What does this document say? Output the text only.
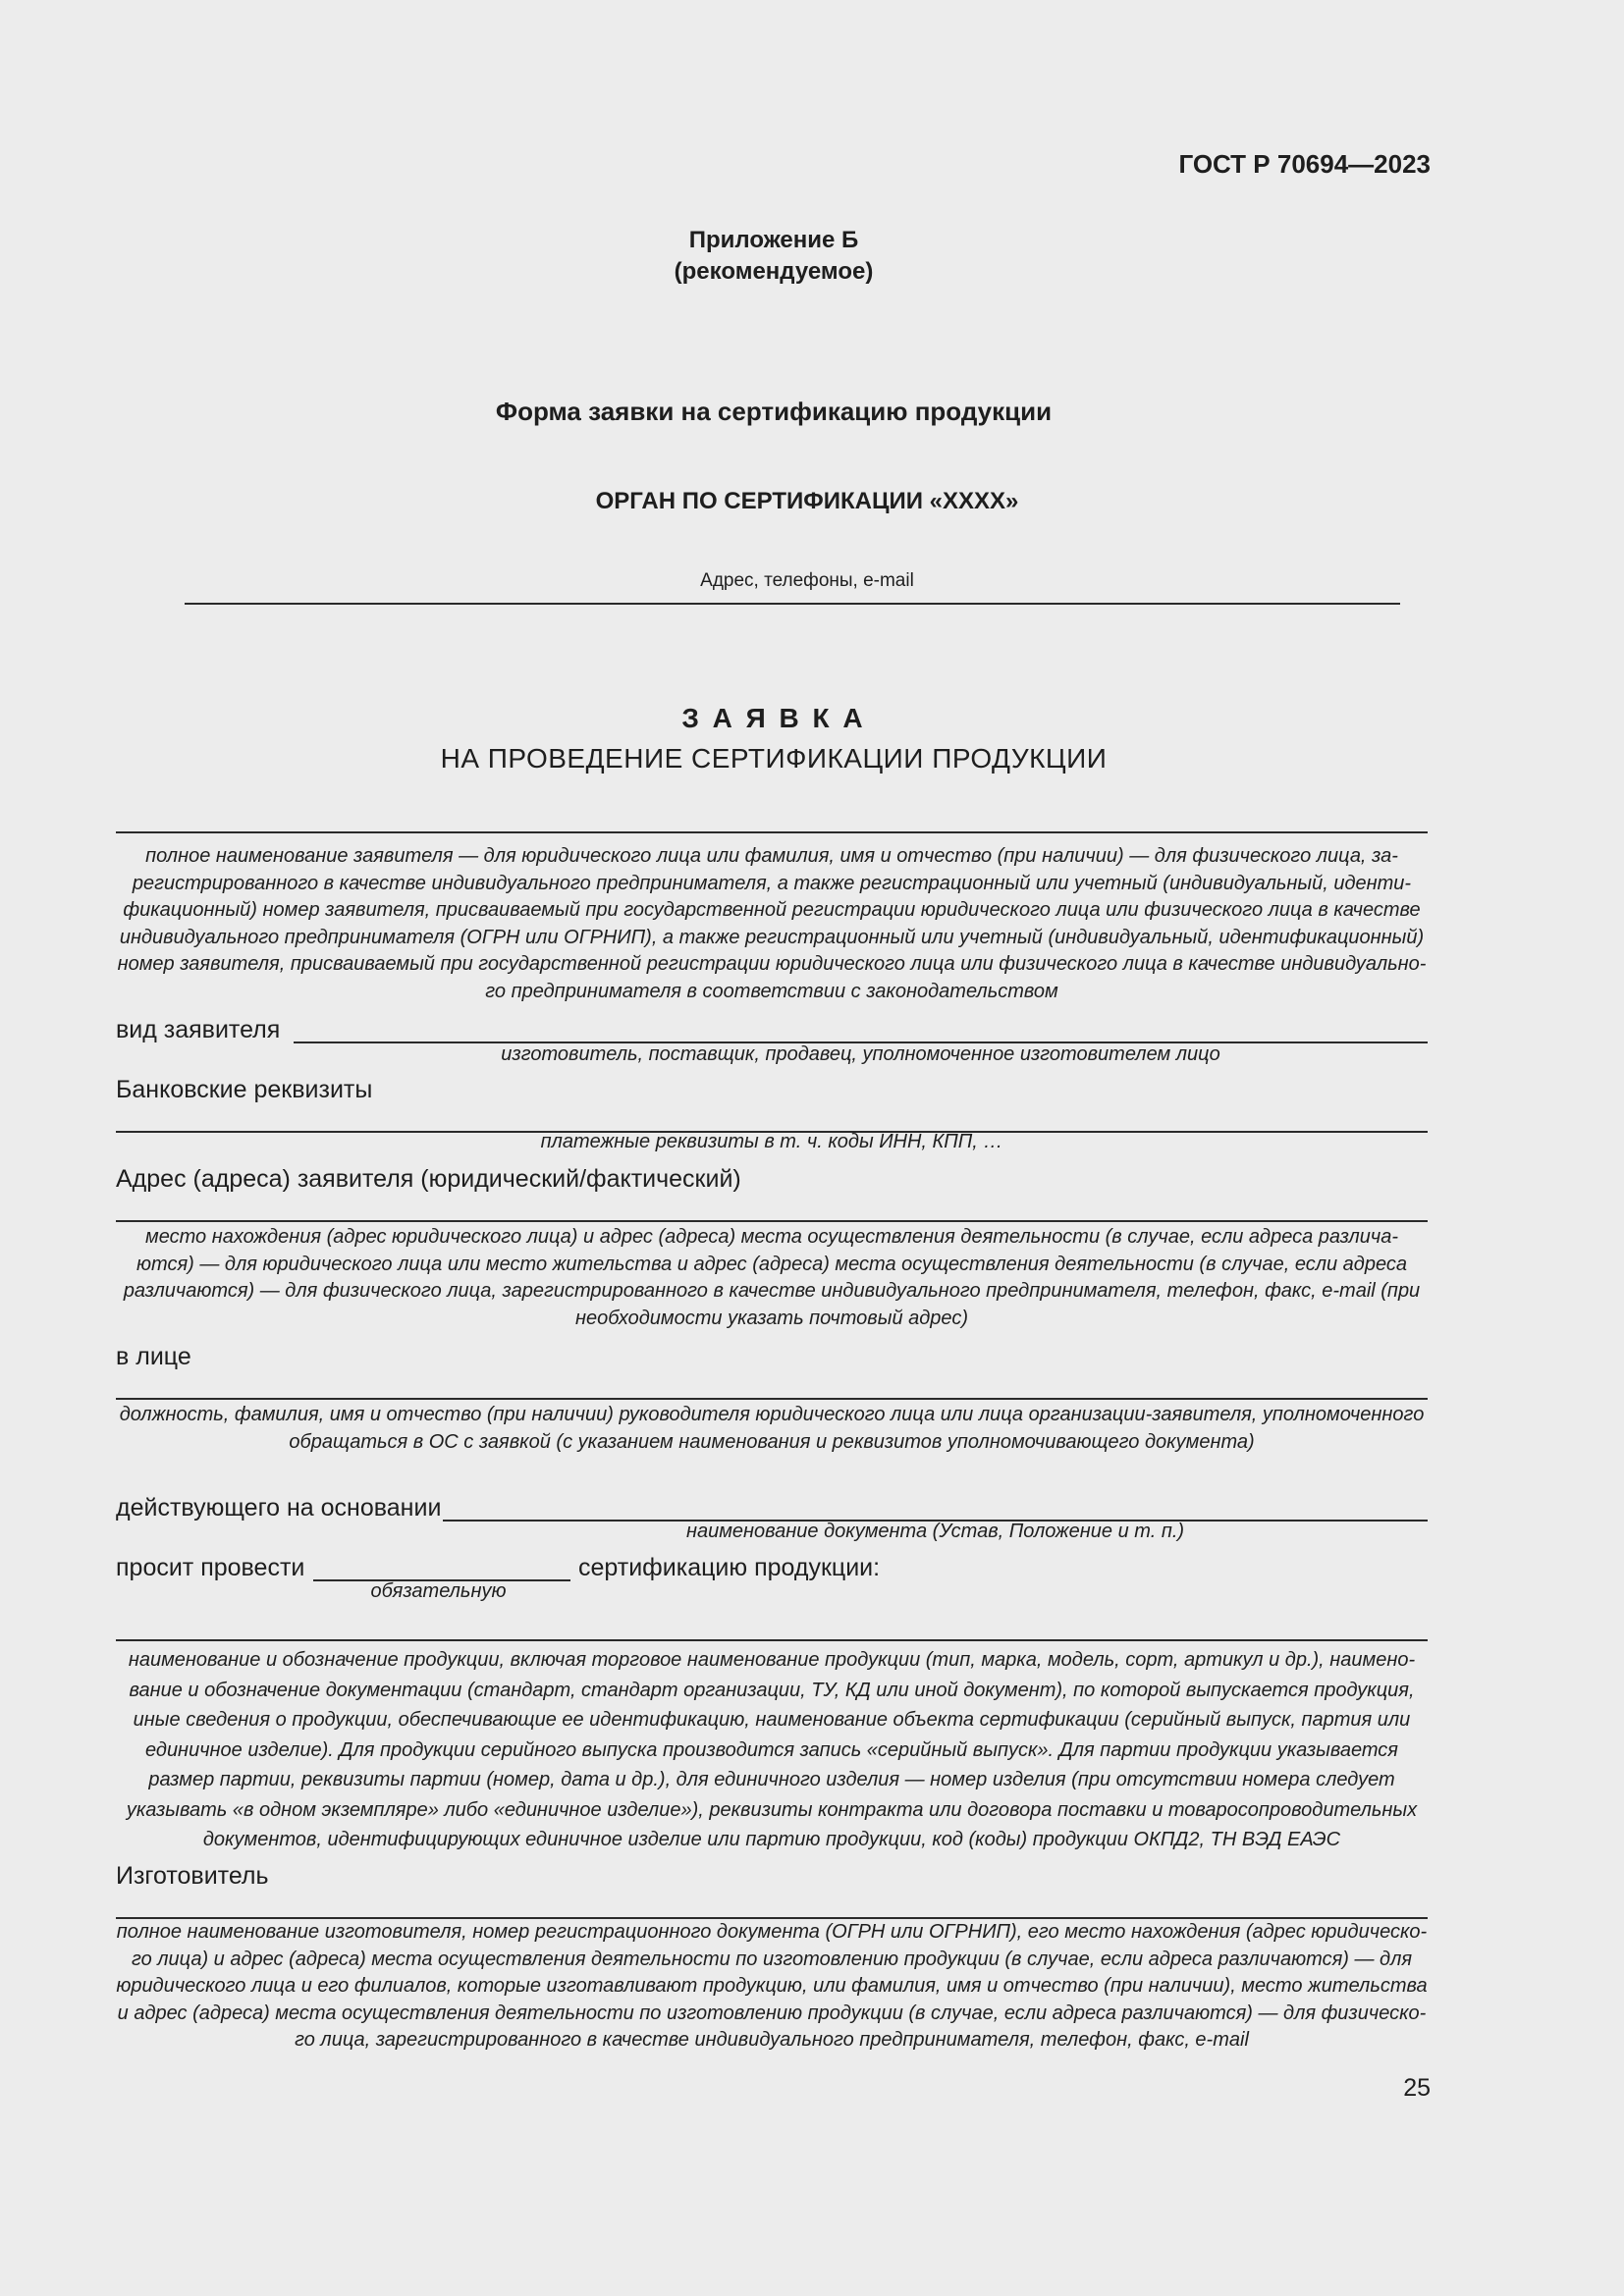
ГОСТ Р 70694—2023
Приложение Б
(рекомендуемое)
Форма заявки на сертификацию продукции
ОРГАН ПО СЕРТИФИКАЦИИ «XXXX»
Адрес, телефоны, e-mail
З А Я В К А
НА ПРОВЕДЕНИЕ СЕРТИФИКАЦИИ ПРОДУКЦИИ
полное наименование заявителя — для юридического лица или фамилия, имя и отчество (при наличии) — для физического лица, за-
регистрированного в качестве индивидуального предпринимателя, а также регистрационный или учетный (индивидуальный, иденти-
фикационный) номер заявителя, присваиваемый при государственной регистрации юридического лица или физического лица в качестве
индивидуального предпринимателя (ОГРН или ОГРНИП), а также регистрационный или учетный (индивидуальный, идентификационный)
номер заявителя, присваиваемый при государственной регистрации юридического лица или физического лица в качестве индивидуально-
го предпринимателя в соответствии с законодательством
вид заявителя
изготовитель, поставщик, продавец, уполномоченное изготовителем лицо
Банковские реквизиты
платежные реквизиты в т. ч. коды ИНН, КПП, …
Адрес (адреса) заявителя (юридический/фактический)
место нахождения (адрес юридического лица) и адрес (адреса) места осуществления деятельности (в случае, если адреса различа-
ются) — для юридического лица или место жительства и адрес (адреса) места осуществления деятельности (в случае, если адреса
различаются) — для физического лица, зарегистрированного в качестве индивидуального предпринимателя, телефон, факс, e-mail (при
необходимости указать почтовый адрес)
в лице
должность, фамилия, имя и отчество (при наличии) руководителя юридического лица или лица организации-заявителя, уполномоченного
обращаться в ОС с заявкой (с указанием наименования и реквизитов уполномочивающего документа)
действующего на основании
наименование документа (Устав, Положение и т. п.)
просит провести
обязательную
сертификацию продукции:
наименование и обозначение продукции, включая торговое наименование продукции (тип, марка, модель, сорт, артикул и др.), наимено-
вание и обозначение документации (стандарт, стандарт организации, ТУ, КД или иной документ), по которой выпускается продукция,
иные сведения о продукции, обеспечивающие ее идентификацию, наименование объекта сертификации (серийный выпуск, партия или
единичное изделие). Для продукции серийного выпуска производится запись «серийный выпуск». Для партии продукции указывается
размер партии, реквизиты партии (номер, дата и др.), для единичного изделия — номер изделия (при отсутствии номера следует
указывать «в одном экземпляре» либо «единичное изделие»), реквизиты контракта или договора поставки и товаросопроводительных
документов, идентифицирующих единичное изделие или партию продукции, код (коды) продукции ОКПД2, ТН ВЭД ЕАЭС
Изготовитель
полное наименование изготовителя, номер регистрационного документа (ОГРН или ОГРНИП), его место нахождения (адрес юридическо-
го лица) и адрес (адреса) места осуществления деятельности по изготовлению продукции (в случае, если адреса различаются) — для
юридического лица и его филиалов, которые изготавливают продукцию, или фамилия, имя и отчество (при наличии), место жительства
и адрес (адреса) места осуществления деятельности по изготовлению продукции (в случае, если адреса различаются) — для физическо-
го лица, зарегистрированного в качестве индивидуального предпринимателя, телефон, факс, e-mail
25
